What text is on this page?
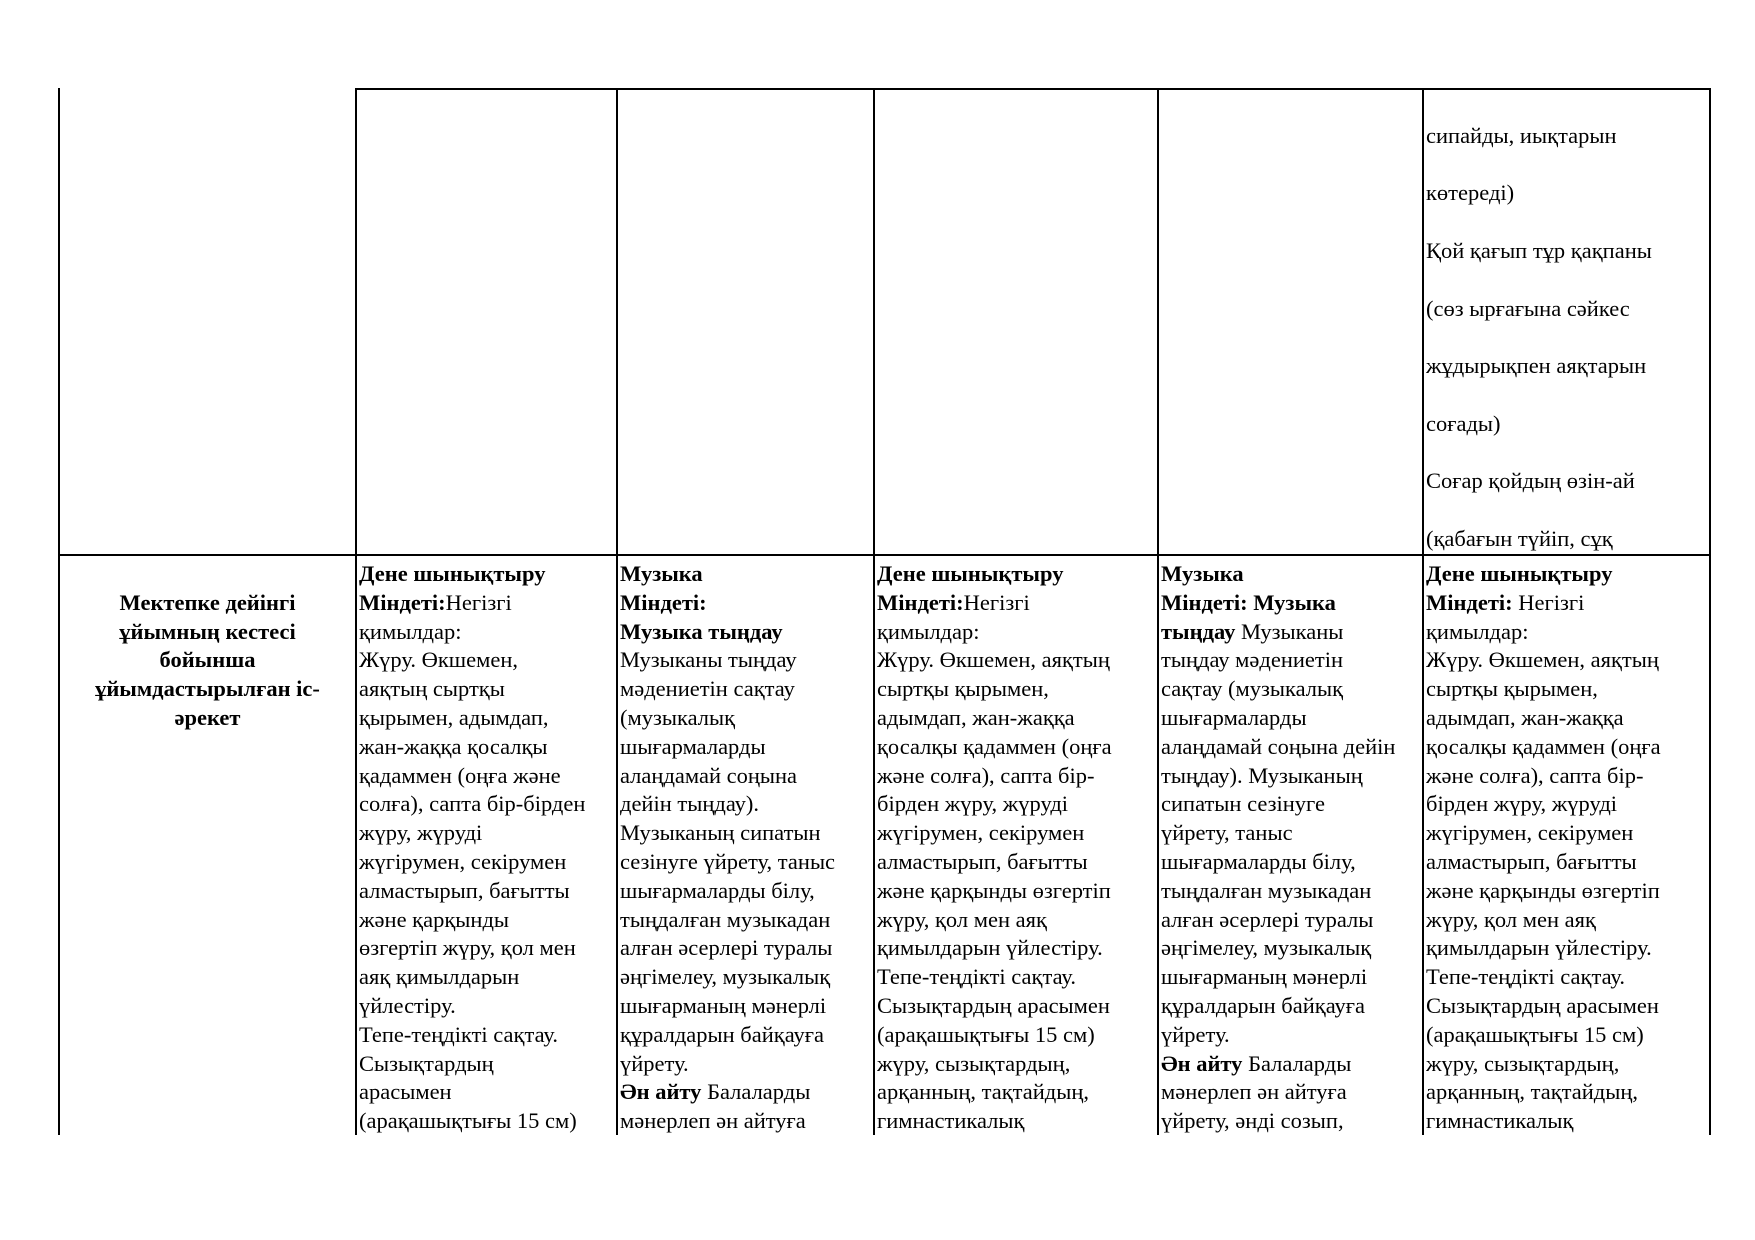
сипайды, иықтарын

көтереді)

Қой қағып тұр қақпаны

(сөз ырғағына сәйкес

жұдырықпен аяқтарын

соғады)

Соғар қойдың өзін-ай

(қабағын түйіп, сұқ

Мектепке дейінгі
ұйымның кестесі
бойынша
ұйымдастырылған іс-
әрекет

Дене шынықтыру
Міндеті:Негізгі
қимылдар:
Жүру. Өкшемен,
аяқтың сыртқы
қырымен, адымдап,
жан-жаққа қосалқы
қадаммен (оңға және
солға), сапта бір-бірден
жүру, жүруді
жүгірумен, секірумен
алмастырып, бағытты
және қарқынды
өзгертіп жүру, қол мен
аяқ қимылдарын
үйлестіру.
Тепе-теңдікті сақтау.
Сызықтардың
арасымен
(арақашықтығы 15 см)
Музыка
Міндеті:
Музыка тыңдау
Музыканы тыңдау
мәдениетін сақтау
(музыкалық
шығармаларды
алаңдамай соңына
дейін тыңдау).
Музыканың сипатын
сезінуге үйрету, таныс
шығармаларды білу,
тыңдалған музыкадан
алған әсерлері туралы
әңгімелеу, музыкалық
шығарманың мәнерлі
құралдарын байқауға
үйрету.
Ән айту Балаларды
мәнерлеп ән айтуға
Дене шынықтыру
Міндеті:Негізгі
қимылдар:
Жүру. Өкшемен, аяқтың
сыртқы қырымен,
адымдап, жан-жаққа
қосалқы қадаммен (оңға
және солға), сапта бір-
бірден жүру, жүруді
жүгірумен, секірумен
алмастырып, бағытты
және қарқынды өзгертіп
жүру, қол мен аяқ
қимылдарын үйлестіру.
Тепе-теңдікті сақтау.
Сызықтардың арасымен
(арақашықтығы 15 см)
жүру, сызықтардың,
арқанның, тақтайдың,
гимнастикалық
Музыка
Міндеті: Музыка
тыңдау Музыканы
тыңдау мәдениетін
сақтау (музыкалық
шығармаларды
алаңдамай соңына дейін
тыңдау). Музыканың
сипатын сезінуге
үйрету, таныс
шығармаларды білу,
тыңдалған музыкадан
алған әсерлері туралы
әңгімелеу, музыкалық
шығарманың мәнерлі
құралдарын байқауға
үйрету.
Ән айту Балаларды
мәнерлеп ән айтуға
үйрету, әнді созып,
Дене шынықтыру
Міндеті: Негізгі
қимылдар:
Жүру. Өкшемен, аяқтың
сыртқы қырымен,
адымдап, жан-жаққа
қосалқы қадаммен (оңға
және солға), сапта бір-
бірден жүру, жүруді
жүгірумен, секірумен
алмастырып, бағытты
және қарқынды өзгертіп
жүру, қол мен аяқ
қимылдарын үйлестіру.
Тепе-теңдікті сақтау.
Сызықтардың арасымен
(арақашықтығы 15 см)
жүру, сызықтардың,
арқанның, тақтайдың,
гимнастикалық
